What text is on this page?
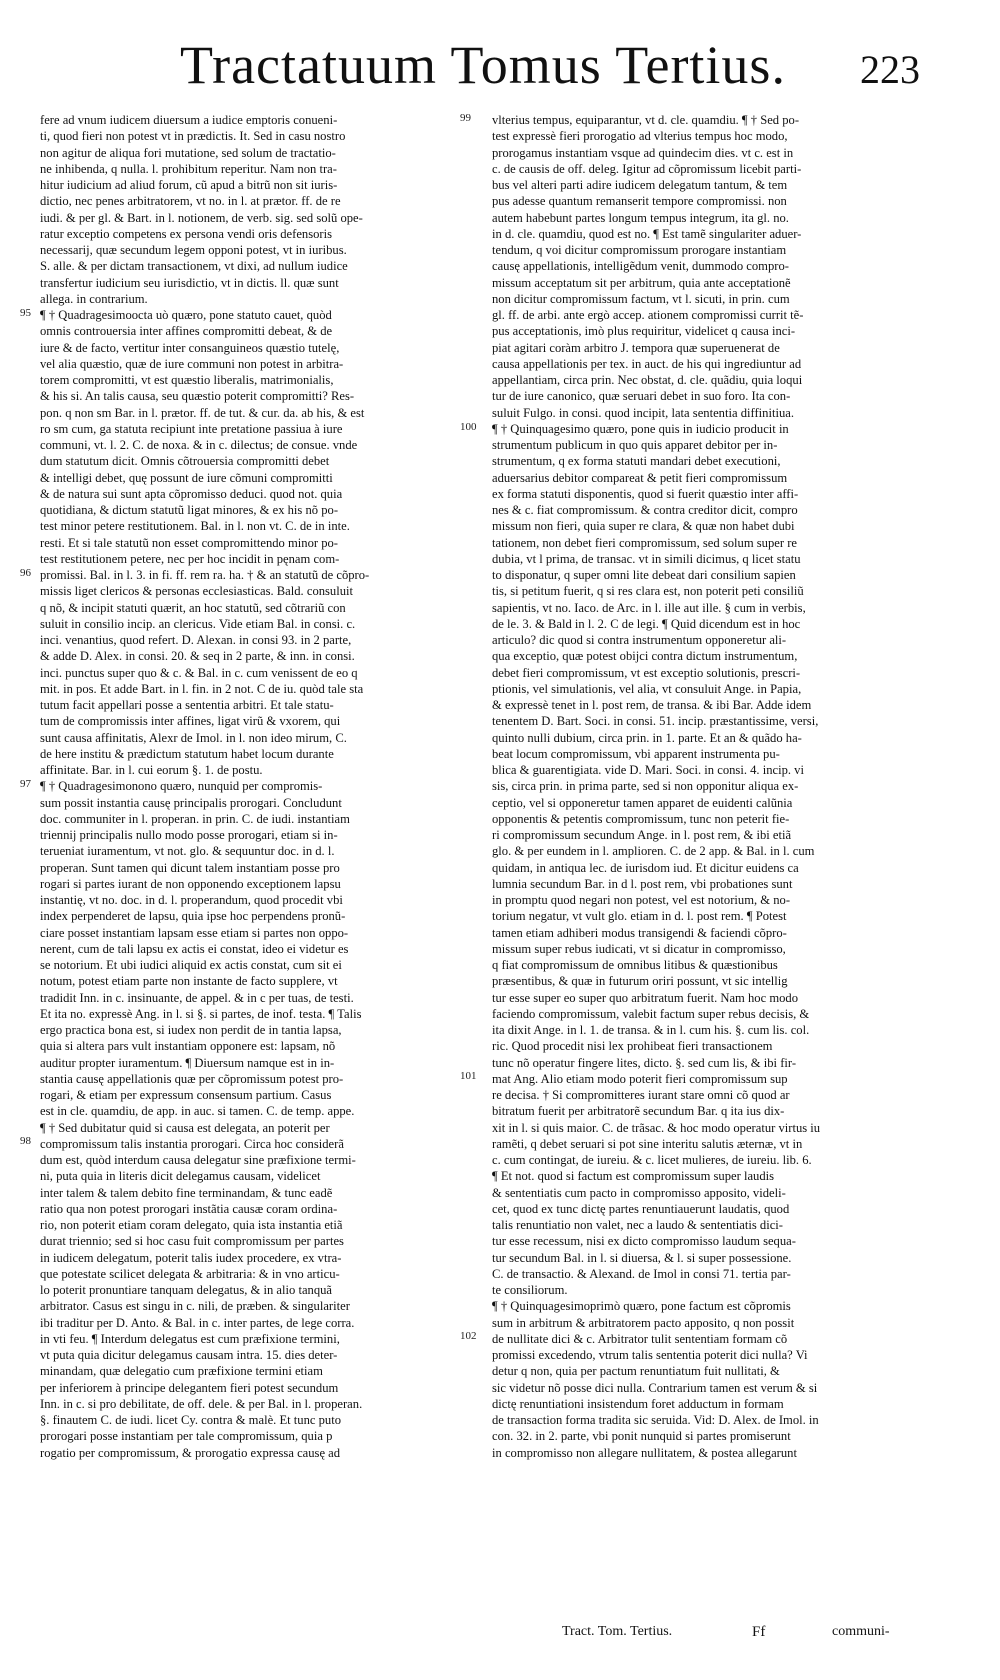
Tractatuum Tomus Tertius. 223
95
96
97
98
99
100
101
102
fere ad vnum iudicem diuersum a iudice emptoris conueni-
ti, quod fieri non potest vt in prædictis. It. Sed in casu nostro
non agitur de aliqua fori mutatione, sed solum de tractatio-
ne inhibenda, q nulla. l. prohibitum reperitur. Nam non tra-
hitur iudicium ad aliud forum, cũ apud a bitrũ non sit iuris-
dictio, nec penes arbitratorem, vt no. in l. at prætor. ff. de re
iudi. & per gl. & Bart. in l. notionem, de verb. sig. sed solũ ope-
ratur exceptio competens ex persona vendi oris defensoris
necessarij, quæ secundum legem opponi potest, vt in iuribus.
S. alle. & per dictam transactionem, vt dixi, ad nullum iudice
transfertur iudicium seu iurisdictio, vt in dictis. ll. quæ sunt
allega. in contrarium.
¶ † Quadragesimoocta uò quæro, pone statuto cauet, quòd
omnis controuersia inter affines compromitti debeat, & de
iure & de facto, vertitur inter consanguineos quæstio tutelę,
vel alia quæstio, quæ de iure communi non potest in arbitra-
torem compromitti, vt est quæstio liberalis, matrimonialis,
& his si. An talis causa, seu quæstio poterit compromitti? Res-
pon. q non sm Bar. in l. prætor. ff. de tut. & cur. da. ab his, & est
ro sm cum, ga statuta recipiunt inte pretatione passiua à iure
communi, vt. l. 2. C. de noxa. & in c. dilectus; de consue. vnde
dum statutum dicit. Omnis cõtrouersia compromitti debet
& intelligi debet, quę possunt de iure cõmuni compromitti
& de natura sui sunt apta cõpromisso deduci. quod not. quia
quotidiana, & dictum statutũ ligat minores, & ex his nõ po-
test minor petere restitutionem. Bal. in l. non vt. C. de in inte.
resti. Et si tale statutũ non esset compromittendo minor po-
test restitutionem petere, nec per hoc incidit in pęnam com-
promissi. Bal. in l. 3. in fi. ff. rem ra. ha. † & an statutũ de cõpro-
missis liget clericos & personas ecclesiasticas. Bald. consuluit
q nõ, & incipit statuti quærit, an hoc statutũ, sed cõtrariũ con
suluit in consilio incip. an clericus. Vide etiam Bal. in consi. c.
inci. venantius, quod refert. D. Alexan. in consi 93. in 2 parte,
& adde D. Alex. in consi. 20. & seq in 2 parte, & inn. in consi.
inci. punctus super quo & c. & Bal. in c. cum venissent de eo q
mit. in pos. Et adde Bart. in l. fin. in 2 not. C de iu. quòd tale sta
tutum facit appellari posse a sententia arbitri. Et tale statu-
tum de compromissis inter affines, ligat virũ & vxorem, qui
sunt causa affinitatis, Alexr de Imol. in l. non ideo mirum, C.
de here institu & prædictum statutum habet locum durante
affinitate. Bar. in l. cui eorum §. 1. de postu.
¶ † Quadragesimonono quæro, nunquid per compromis-
sum possit instantia causę principalis prorogari. Concludunt
doc. communiter in l. properan. in prin. C. de iudi. instantiam
triennij principalis nullo modo posse prorogari, etiam si in-
terueniat iuramentum, vt not. glo. & sequuntur doc. in d. l.
properan. Sunt tamen qui dicunt talem instantiam posse pro
rogari si partes iurant de non opponendo exceptionem lapsu
instantię, vt no. doc. in d. l. properandum, quod procedit vbi
index perpenderet de lapsu, quia ipse hoc perpendens pronũ-
ciare posset instantiam lapsam esse etiam si partes non oppo-
nerent, cum de tali lapsu ex actis ei constat, ideo ei videtur es
se notorium. Et ubi iudici aliquid ex actis constat, cum sit ei
notum, potest etiam parte non instante de facto supplere, vt
tradidit Inn. in c. insinuante, de appel. & in c per tuas, de testi.
Et ita no. expressè Ang. in l. si §. si partes, de inof. testa. ¶ Talis
ergo practica bona est, si iudex non perdit de in tantia lapsa,
quia si altera pars vult instantiam opponere est: lapsam, nõ
auditur propter iuramentum. ¶ Diuersum namque est in in-
stantia causę appellationis quæ per cõpromissum potest pro-
rogari, & etiam per expressum consensum partium. Casus
est in cle. quamdiu, de app. in auc. si tamen. C. de temp. appe.
¶ † Sed dubitatur quid si causa est delegata, an poterit per
compromissum talis instantia prorogari. Circa hoc considerã
dum est, quòd interdum causa delegatur sine præfixione termi-
ni, puta quia in literis dicit delegamus causam, videlicet
inter talem & talem debito fine terminandam, & tunc eadẽ
ratio qua non potest prorogari instãtia causæ coram ordina-
rio, non poterit etiam coram delegato, quia ista instantia etiã
durat triennio; sed si hoc casu fuit compromissum per partes
in iudicem delegatum, poterit talis iudex procedere, ex vtra-
que potestate scilicet delegata & arbitraria: & in vno articu-
lo poterit pronuntiare tanquam delegatus, & in alio tanquã
arbitrator. Casus est singu in c. nili, de præben. & singulariter
ibi traditur per D. Anto. & Bal. in c. inter partes, de lege corra.
in vti feu. ¶ Interdum delegatus est cum præfixione termini,
vt puta quia dicitur delegamus causam intra. 15. dies deter-
minandam, quæ delegatio cum præfixione termini etiam
per inferiorem à principe delegantem fieri potest secundum
Inn. in c. si pro debilitate, de off. dele. & per Bal. in l. properan.
§. finautem C. de iudi. licet Cy. contra & malè. Et tunc puto
prorogari posse instantiam per tale compromissum, quia p
rogatio per compromissum, & prorogatio expressa causę ad
vlterius tempus, equiparantur, vt d. cle. quamdiu. ¶ † Sed po-
test expressè fieri prorogatio ad vlterius tempus hoc modo,
prorogamus instantiam vsque ad quindecim dies. vt c. est in
c. de causis de off. deleg. Igitur ad cõpromissum licebit parti-
bus vel alteri parti adire iudicem delegatum tantum, & tem
pus adesse quantum remanserit tempore compromissi. non
autem habebunt partes longum tempus integrum, ita gl. no.
in d. cle. quamdiu, quod est no. ¶ Est tamẽ singulariter aduer-
tendum, q voi dicitur compromissum prorogare instantiam
causę appellationis, intelligẽdum venit, dummodo compro-
missum acceptatum sit per arbitrum, quia ante acceptationẽ
non dicitur compromissum factum, vt l. sicuti, in prin. cum
gl. ff. de arbi. ante ergò accep. ationem compromissi currit tẽ-
pus acceptationis, imò plus requiritur, videlicet q causa inci-
piat agitari coràm arbitro J. tempora quæ superuenerat de
causa appellationis per tex. in auct. de his qui ingrediuntur ad
appellantiam, circa prin. Nec obstat, d. cle. quãdiu, quia loqui
tur de iure canonico, quæ seruari debet in suo foro. Ita con-
suluit Fulgo. in consi. quod incipit, lata sententia diffinitiua.
¶ † Quinquagesimo quæro, pone quis in iudicio producit in
strumentum publicum in quo quis apparet debitor per in-
strumentum, q ex forma statuti mandari debet executioni,
aduersarius debitor compareat & petit fieri compromissum
ex forma statuti disponentis, quod si fuerit quæstio inter affi-
nes & c. fiat compromissum. & contra creditor dicit, compro
missum non fieri, quia super re clara, & quæ non habet dubi
tationem, non debet fieri compromissum, sed solum super re
dubia, vt l prima, de transac. vt in simili dicimus, q licet statu
to disponatur, q super omni lite debeat dari consilium sapien
tis, si petitum fuerit, q si res clara est, non poterit peti consiliũ
sapientis, vt no. Iaco. de Arc. in l. ille aut ille. § cum in verbis,
de le. 3. & Bald in l. 2. C de legi. ¶ Quid dicendum est in hoc
articulo? dic quod si contra instrumentum opponeretur ali-
qua exceptio, quæ potest obijci contra dictum instrumentum,
debet fieri compromissum, vt est exceptio solutionis, prescri-
ptionis, vel simulationis, vel alia, vt consuluit Ange. in Papia,
& expressè tenet in l. post rem, de transa. & ibi Bar. Adde idem
tenentem D. Bart. Soci. in consi. 51. incip. præstantissime, versi,
quinto nulli dubium, circa prin. in 1. parte. Et an & quãdo ha-
beat locum compromissum, vbi apparent instrumenta pu-
blica & guarentigiata. vide D. Mari. Soci. in consi. 4. incip. vi
sis, circa prin. in prima parte, sed si non opponitur aliqua ex-
ceptio, vel si opponeretur tamen apparet de euidenti calũnia
opponentis & petentis compromissum, tunc non peterit fie-
ri compromissum secundum Ange. in l. post rem, & ibi etiã
glo. & per eundem in l. amplioren. C. de 2 app. & Bal. in l. cum
quidam, in antiqua lec. de iurisdom iud. Et dicitur euidens ca
lumnia secundum Bar. in d l. post rem, vbi probationes sunt
in promptu quod negari non potest, vel est notorium, & no-
torium negatur, vt vult glo. etiam in d. l. post rem. ¶ Potest
tamen etiam adhiberi modus transigendi & faciendi cõpro-
missum super rebus iudicati, vt si dicatur in compromisso,
q fiat compromissum de omnibus litibus & quæstionibus
præsentibus, & quæ in futurum oriri possunt, vt sic intellig
tur esse super eo super quo arbitratum fuerit. Nam hoc modo
faciendo compromissum, valebit factum super rebus decisis, &
ita dixit Ange. in l. 1. de transa. & in l. cum his. §. cum lis. col.
ric. Quod procedit nisi lex prohibeat fieri transactionem
tunc nõ operatur fingere lites, dicto. §. sed cum lis, & ibi fir-
mat Ang. Alio etiam modo poterit fieri compromissum sup
re decisa. † Si compromitteres iurant stare omni cõ quod ar
bitratum fuerit per arbitratorẽ secundum Bar. q ita ius dix-
xit in l. si quis maior. C. de trãsac. & hoc modo operatur virtus iu
ramẽti, q debet seruari si pot sine interitu salutis æternæ, vt in
c. cum contingat, de iureiu. & c. licet mulieres, de iureiu. lib. 6.
¶ Et not. quod si factum est compromissum super laudis
& sententiatis cum pacto in compromisso apposito, videli-
cet, quod ex tunc dictę partes renuntiauerunt laudatis, quod
talis renuntiatio non valet, nec a laudo & sententiatis dici-
tur esse recessum, nisi ex dicto compromisso laudum sequa-
tur secundum Bal. in l. si diuersa, & l. si super possessione.
C. de transactio. & Alexand. de Imol in consi 71. tertia par-
te consiliorum.
¶ † Quinquagesimoprimò quæro, pone factum est cõpromis
sum in arbitrum & arbitratorem pacto apposito, q non possit
de nullitate dici & c. Arbitrator tulit sententiam formam cõ
promissi excedendo, vtrum talis sententia poterit dici nulla? Vi
detur q non, quia per pactum renuntiatum fuit nullitati, &
sic videtur nõ posse dici nulla. Contrarium tamen est verum & si
dictę renuntiationi insistendum foret adductum in formam
de transaction forma tradita sic seruida. Vid: D. Alex. de Imol. in
con. 32. in 2. parte, vbi ponit nunquid si partes promiserunt
in compromisso non allegare nullitatem, & postea allegarunt
Tract. Tom. Tertius.	Ff	communi-
